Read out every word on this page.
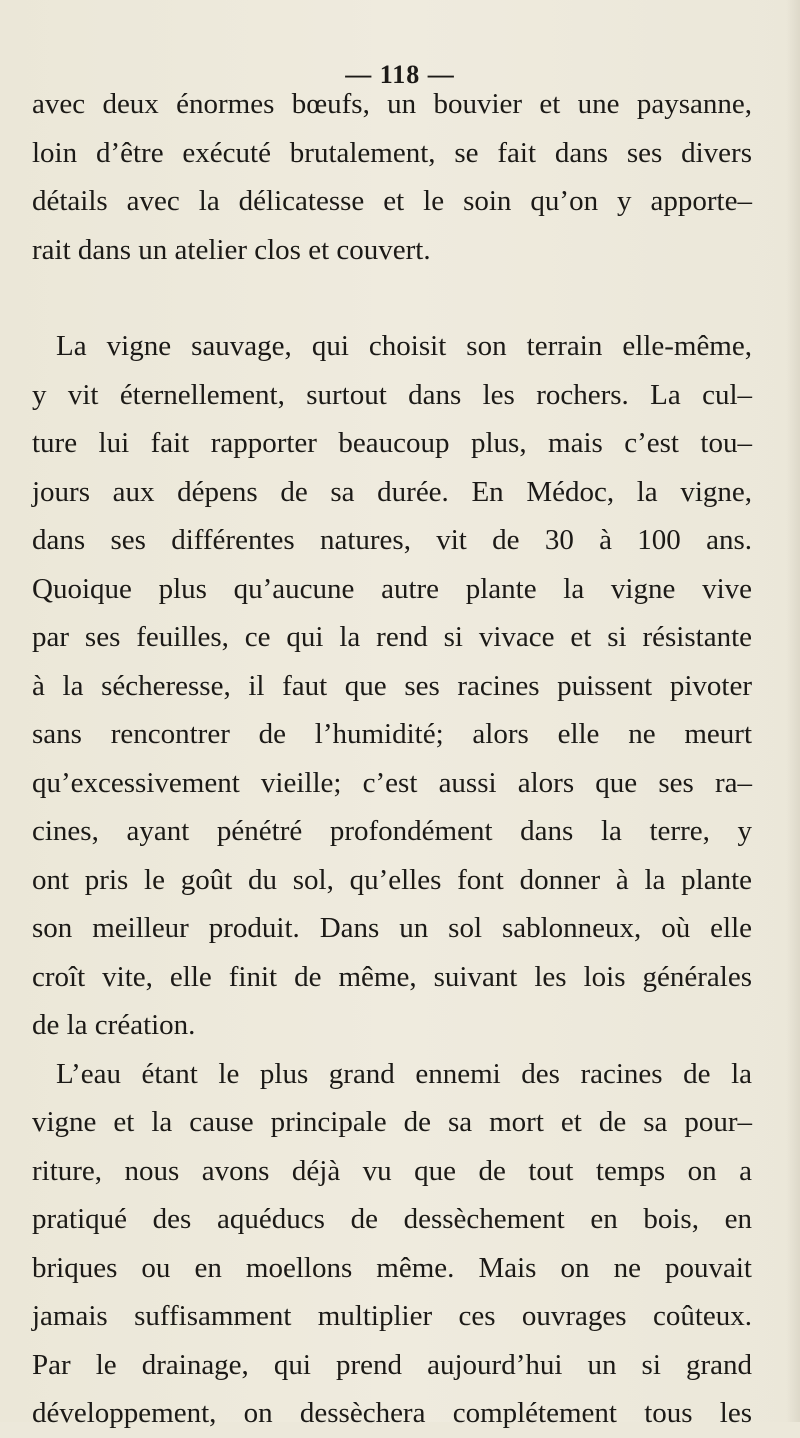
— 118 —
avec deux énormes bœufs, un bouvier et une paysanne,
loin d’être exécuté brutalement, se fait dans ses divers
détails avec la délicatesse et le soin qu’on y apporte–
rait dans un atelier clos et couvert.
La vigne sauvage, qui choisit son terrain elle-même,
y vit éternellement, surtout dans les rochers. La cul–
ture lui fait rapporter beaucoup plus, mais c’est tou–
jours aux dépens de sa durée. En Médoc, la vigne,
dans ses différentes natures, vit de 30 à 100 ans.
Quoique plus qu’aucune autre plante la vigne vive
par ses feuilles, ce qui la rend si vivace et si résistante
à la sécheresse, il faut que ses racines puissent pivoter
sans rencontrer de l’humidité; alors elle ne meurt
qu’excessivement vieille; c’est aussi alors que ses ra–
cines, ayant pénétré profondément dans la terre, y
ont pris le goût du sol, qu’elles font donner à la plante
son meilleur produit. Dans un sol sablonneux, où elle
croît vite, elle finit de même, suivant les lois générales
de la création.
L’eau étant le plus grand ennemi des racines de la
vigne et la cause principale de sa mort et de sa pour–
riture, nous avons déjà vu que de tout temps on a
pratiqué des aquéducs de dessèchement en bois, en
briques ou en moellons même. Mais on ne pouvait
jamais suffisamment multiplier ces ouvrages coûteux.
Par le drainage, qui prend aujourd’hui un si grand
développement, on dessèchera complétement tous les
